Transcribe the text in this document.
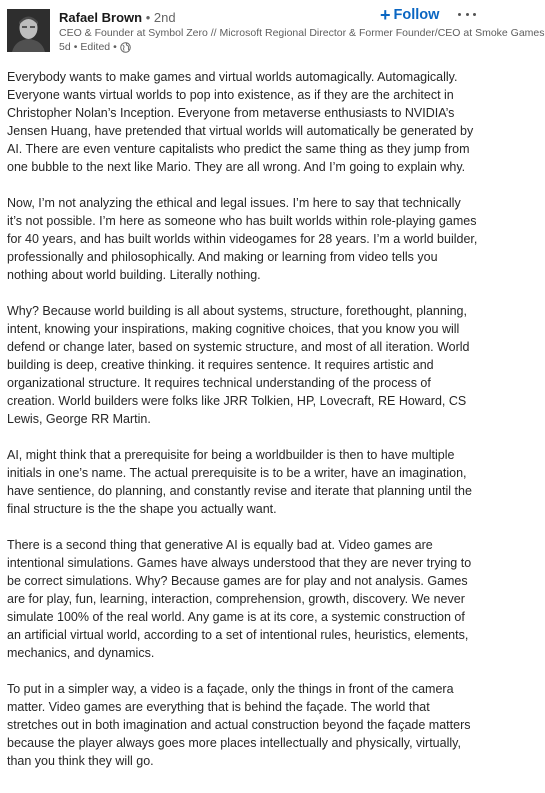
Rafael Brown • 2nd
CEO & Founder at Symbol Zero // Microsoft Regional Director & Former Founder/CEO at Smoke Games
5d • Edited •
+ Follow

Everybody wants to make games and virtual worlds automagically. Automagically. Everyone wants virtual worlds to pop into existence, as if they are the architect in Christopher Nolan’s Inception. Everyone from metaverse enthusiasts to NVIDIA’s Jensen Huang, have pretended that virtual worlds will automatically be generated by AI. There are even venture capitalists who predict the same thing as they jump from one bubble to the next like Mario. They are all wrong. And I’m going to explain why.

Now, I’m not analyzing the ethical and legal issues. I’m here to say that technically it’s not possible. I’m here as someone who has built worlds within role-playing games for 40 years, and has built worlds within videogames for 28 years. I’m a world builder, professionally and philosophically. And making or learning from video tells you nothing about world building. Literally nothing.

Why? Because world building is all about systems, structure, forethought, planning, intent, knowing your inspirations, making cognitive choices, that you know you will defend or change later, based on systemic structure, and most of all iteration. World building is deep, creative thinking. it requires sentence. It requires artistic and organizational structure. It requires technical understanding of the process of creation. World builders were folks like JRR Tolkien, HP, Lovecraft, RE Howard, CS Lewis, George RR Martin.

AI, might think that a prerequisite for being a worldbuilder is then to have multiple initials in one’s name. The actual prerequisite is to be a writer, have an imagination, have sentience, do planning, and constantly revise and iterate that planning until the final structure is the the shape you actually want.

There is a second thing that generative AI is equally bad at. Video games are intentional simulations. Games have always understood that they are never trying to be correct simulations. Why? Because games are for play and not analysis. Games are for play, fun, learning, interaction, comprehension, growth, discovery. We never simulate 100% of the real world. Any game is at its core, a systemic construction of an artificial virtual world, according to a set of intentional rules, heuristics, elements, mechanics, and dynamics.

To put in a simpler way, a video is a façade, only the things in front of the camera matter. Video games are everything that is behind the façade. The world that stretches out in both imagination and actual construction beyond the façade matters because the player always goes more places intellectually and physically, virtually, than you think they will go.
